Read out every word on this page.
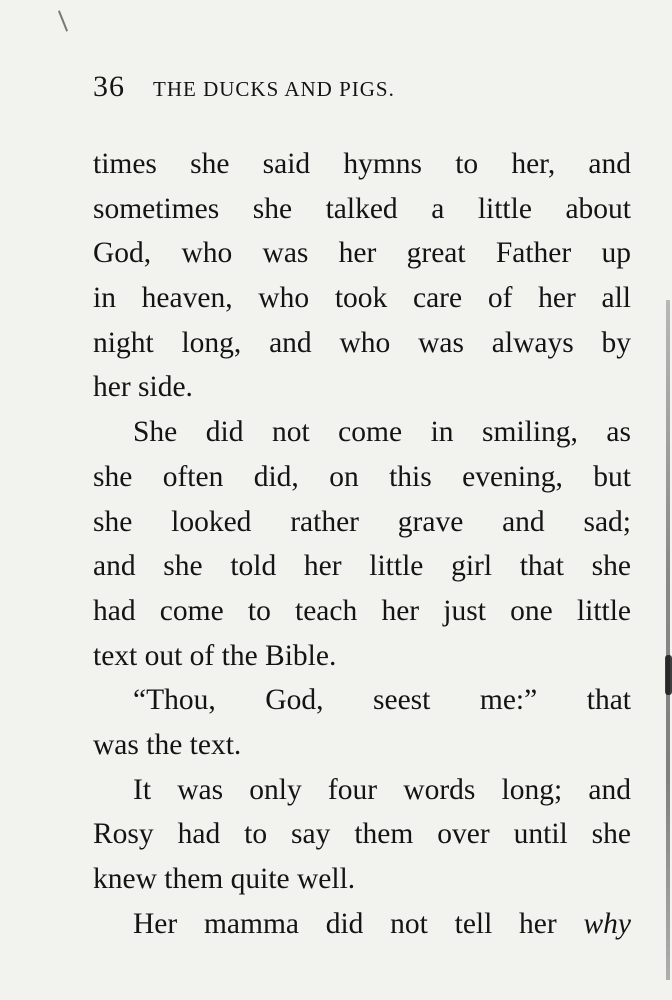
36 THE DUCKS AND PIGS.
times she said hymns to her, and
sometimes she talked a little about
God, who was her great Father up
in heaven, who took care of her all
night long, and who was always by
her side.
She did not come in smiling, as
she often did, on this evening, but
she looked rather grave and sad;
and she told her little girl that she
had come to teach her just one little
text out of the Bible.
“Thou, God, seest me:” that
was the text.
It was only four words long; and
Rosy had to say them over until she
knew them quite well.
Her mamma did not tell her why
